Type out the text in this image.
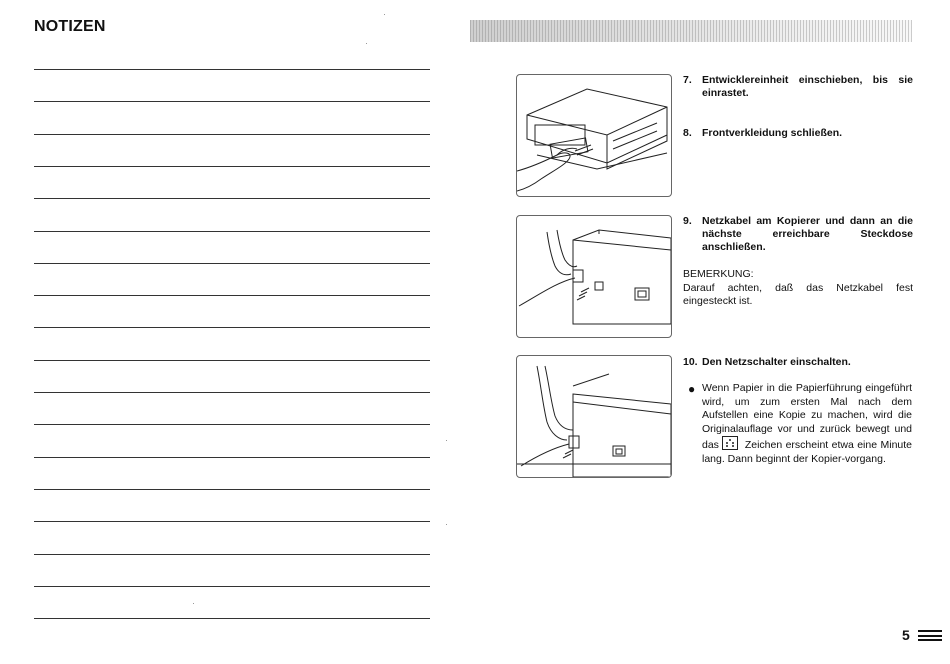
NOTIZEN
7. Entwicklereinheit einschieben, bis sie einrastet.
8. Frontverkleidung schließen.
9. Netzkabel am Kopierer und dann an die nächste erreichbare Steckdose anschließen.
BEMERKUNG:
Darauf achten, daß das Netzkabel fest eingesteckt ist.
10. Den Netzschalter einschalten.
● Wenn Papier in die Papierführung eingeführt wird, um zum ersten Mal nach dem Aufstellen eine Kopie zu machen, wird die Originalauflage vor und zurück bewegt und das Zeichen erscheint etwa eine Minute lang. Dann beginnt der Kopier-vorgang.
5
